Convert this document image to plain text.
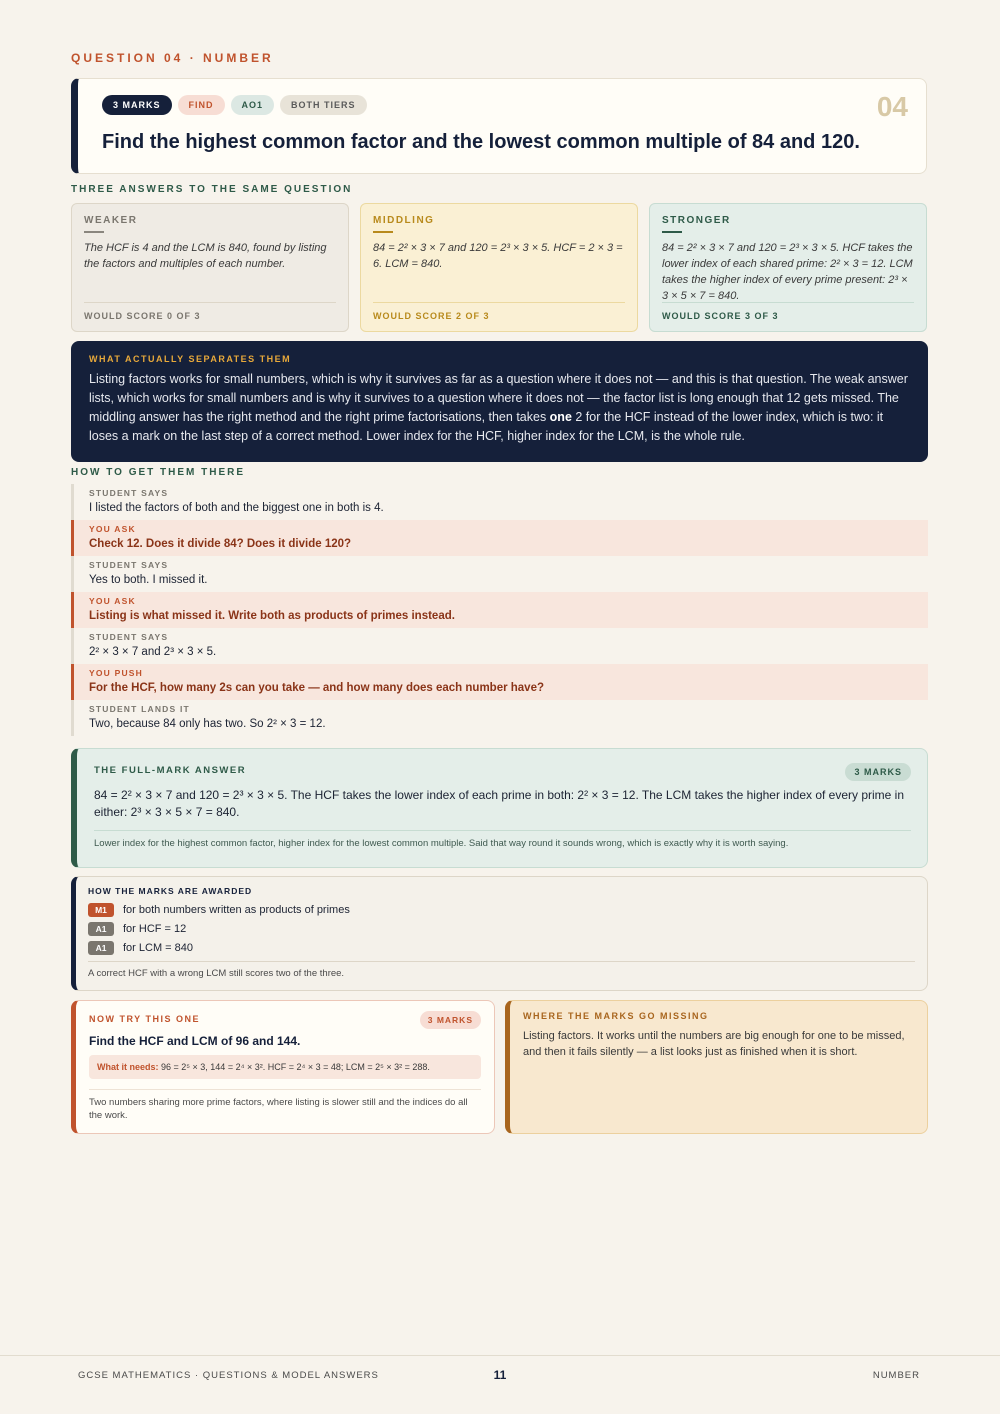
QUESTION 04 · NUMBER
3 MARKS	FIND	AO1	BOTH TIERS	04
Find the highest common factor and the lowest common multiple of 84 and 120.
THREE ANSWERS TO THE SAME QUESTION
WEAKER
The HCF is 4 and the LCM is 840, found by listing the factors and multiples of each number.
WOULD SCORE 0 OF 3
MIDDLING
84 = 2² × 3 × 7 and 120 = 2³ × 3 × 5. HCF = 2 × 3 = 6. LCM = 840.
WOULD SCORE 2 OF 3
STRONGER
84 = 2² × 3 × 7 and 120 = 2³ × 3 × 5. HCF takes the lower index of each shared prime: 2² × 3 = 12. LCM takes the higher index of every prime present: 2³ × 3 × 5 × 7 = 840.
WOULD SCORE 3 OF 3
WHAT ACTUALLY SEPARATES THEM
Listing factors works for small numbers, which is why it survives as far as a question where it does not — and this is that question. The weak answer lists, which works for small numbers and is why it survives to a question where it does not — the factor list is long enough that 12 gets missed. The middling answer has the right method and the right prime factorisations, then takes one 2 for the HCF instead of the lower index, which is two: it loses a mark on the last step of a correct method. Lower index for the HCF, higher index for the LCM, is the whole rule.
HOW TO GET THEM THERE
STUDENT SAYS
I listed the factors of both and the biggest one in both is 4.
YOU ASK
Check 12. Does it divide 84? Does it divide 120?
STUDENT SAYS
Yes to both. I missed it.
YOU ASK
Listing is what missed it. Write both as products of primes instead.
STUDENT SAYS
2² × 3 × 7 and 2³ × 3 × 5.
YOU PUSH
For the HCF, how many 2s can you take — and how many does each number have?
STUDENT LANDS IT
Two, because 84 only has two. So 2² × 3 = 12.
THE FULL-MARK ANSWER	3 MARKS
84 = 2² × 3 × 7 and 120 = 2³ × 3 × 5. The HCF takes the lower index of each prime in both: 2² × 3 = 12. The LCM takes the higher index of every prime in either: 2³ × 3 × 5 × 7 = 840.
Lower index for the highest common factor, higher index for the lowest common multiple. Said that way round it sounds wrong, which is exactly why it is worth saying.
HOW THE MARKS ARE AWARDED
M1	for both numbers written as products of primes
A1	for HCF = 12
A1	for LCM = 840
A correct HCF with a wrong LCM still scores two of the three.
NOW TRY THIS ONE	3 MARKS
Find the HCF and LCM of 96 and 144.
What it needs: 96 = 2⁵ × 3, 144 = 2⁴ × 3². HCF = 2⁴ × 3 = 48; LCM = 2⁵ × 3² = 288.
Two numbers sharing more prime factors, where listing is slower still and the indices do all the work.
WHERE THE MARKS GO MISSING
Listing factors. It works until the numbers are big enough for one to be missed, and then it fails silently — a list looks just as finished when it is short.
GCSE MATHEMATICS · QUESTIONS & MODEL ANSWERS	11	NUMBER
